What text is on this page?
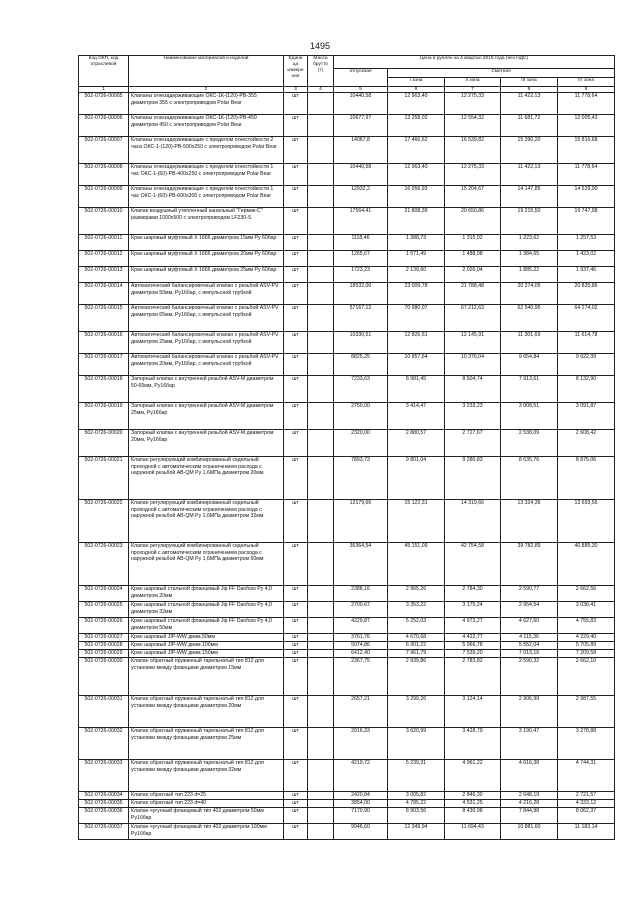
1495
Код ОКП, код отраслевой	Наименование материалов и изделий	Едини ца измере ния	Масса брутто (т)	Цена в рублях на 4 квартал 2015 года (без НДС)				
				отпускная	Сметная			
					I зона	II зона	III зона	IV зона
1	2	3	4	5	6	7	8	9
502-0726-00005	Клапаны огнезадерживающие ОКС-1К-(120)-РВ-355 диаметром 355 с электроприводом Polar Bear	шт		10440,58	12 963,40	12 275,33	11 422,13	11 778,64
502-0726-00006	Клапаны огнезадерживающие ОКС-1К-(120)-РВ-450 диаметром 450 с электроприводом Polar Bear	шт		10677,97	13 258,02	12 554,32	11 681,72	12 005,43
502-0726-00007	Клапаны огнезадерживающие с пределом огнестойкости 2 часа ОКС-1-(120)-РВ-590х250 с электроприводом Polar Bear	шт		14067,8	17 466,62	16 539,82	15 390,20	15 816,68
502-0726-00008	Клапаны огнезадерживающие с пределом огнестойкости 1 час ОКС-1-(60)-РВ-400х250 с электроприводом Polar Bear	шт		10440,58	12 963,40	12 275,33	11 422,13	11 778,64
502-0726-00009	Клапаны огнезадерживающие с пределом огнестойкости 1 час ОКС-1-(60)-РВ-600х300 с электроприводом Polar Bear	шт		12932,2	16 056,93	15 204,67	14 147,85	14 539,90
502-0726-00010	Клапан воздушный утепленный канальный "Гермик-С" размерами 1000х500 с электроприводом LF230-S	шт		17564,41	21 808,39	20 650,86	19 215,50	19 747,98
502-0726-00011	Кран шаровый муфтовый X 1666 диаметром 15мм Ру 60бар	шт		1118,46	1 388,73	1 315,02	1 223,62	1 257,53
502-0726-00012	Кран шаровый муфтовый X 1666 диаметром 20мм Ру 60бар	шт		1265,67	1 571,49	1 488,08	1 384,65	1 423,02
502-0726-00013	Кран шаровый муфтовый X 1666 диаметром 25мм Ру 60бар	шт		1723,23	2 139,60	2 026,04	1 885,22	1 937,46
502-0726-00014	Автоматический балансировочный клапан с резьбой ASV-PV диаметром 50мм, Ру16бар, с импульсной трубкой	шт		18532,00	23 009,78	21 788,48	20 274,05	20 835,86
502-0726-00015	Автоматический балансировочный клапан с резьбой ASV-PV диаметром 65мм, Ру16бар, с импульсной трубкой	шт		57167,12	70 980,07	67 212,63	62 540,95	64 274,02
502-0726-00016	Автоматический балансировочный клапан с резьбой ASV-PV диаметром 25мм, Ру16бар, с импульсной трубкой	шт		10330,51	12 826,61	12 145,91	11 301,69	11 614,78
502-0726-00017	Автоматический балансировочный клапан с резьбой ASV-PV диаметром 20мм, Ру16бар, с импульсной трубкой	шт		8825,25	10 957,64	10 376,04	9 654,84	9 922,39
502-0726-00018	Запорный клапан с внутренней резьбой ASV-M диаметром 50-65мм, Ру16бар	шт		7233,63	8 981,45	8 504,74	7 913,61	8 132,90
502-0726-00019	Запорный клапан с внутренней резьбой ASV-M диаметром 25мм, Ру16бар	шт		2750,00	3 414,47	3 233,23	3 008,51	3 091,87
502-0726-00020	Запорный клапан с внутренней резьбой ASV-M диаметром 20мм, Ру16бар	шт		2320,00	2 880,57	2 727,67	2 538,09	2 608,42
502-0726-00021	Клапан регулирующий комбинированный седельный проходной с автоматическим ограничением расхода с наружной резьбой AB-QM Ру 1,6МПа диаметром 20мм	шт		7893,73	9 801,04	9 280,83	8 635,76	8 875,06
502-0726-00022	Клапан регулирующий комбинированный седельный проходной с автоматическим ограничением расхода с наружной резьбой AB-QM Ру 1,6МПа диаметром 32мм	шт		12179,66	15 122,31	14 319,66	13 324,36	13 693,56
502-0726-00023	Клапан регулирующий комбинированный седельный проходной с автоматическим ограничением расхода с наружной резьбой AB-QM Ру 1,6МПа диаметром 50мм	шт		36364,54	45 151,09	42 754,58	39 782,89	40 885,30
502-0726-00024	Кран шаровый стальной фланцевый Jip FF Danfoss Ру 4,0 диаметром 20мм	шт		2388,16	2 965,26	2 784,30	2 590,77	2 662,56
502-0726-00025	Кран шаровый стальной фланцевый Jip FF Danfoss Ру 4,0 диаметром 32мм	шт		2700,67	3 353,22	3 175,24	2 954,54	3 036,41
502-0726-00026	Кран шаровый стальной фланцевый Jip FF Danfoss Ру 4,0 диаметром 50мм	шт		4229,87	5 252,03	4 973,27	4 627,60	4 755,83
502-0726-00027	Кран шаровый JIP-WW диам.50мм	шт		3761,76	4 670,68	4 422,77	4 115,36	4 229,40
502-0726-00028	Кран шаровый JIP-WW диам.100мм	шт		5074,86	6 301,22	5 966,78	5 552,04	5 705,89
502-0726-00029	Кран шаровый JIP-WW диам.150мм	шт		6412,40	7 961,79	7 539,20	7 013,16	7 209,58
502-0726-00030	Клапан обратный пружинный тарельчатый тип 812 для установки между фланцами диаметром 15мм	шт		2367,75	2 939,86	2 783,82	2 590,32	2 662,10
502-0726-00031	Клапан обратный пружинный тарельчатый тип 812 для установки между фланцами диаметром 20мм	шт		2657,21	3 299,26	3 124,14	2 906,99	2 987,55
502-0726-00032	Клапан обратный пружинный тарельчатый тип 812 для установки между фланцами диаметром 25мм	шт		2916,33	3 620,99	3 428,79	3 190,47	3 278,88
502-0726-00033	Клапан обратный пружинный тарельчатый тип 812 для установки между фланцами диаметром 32мм	шт		4219,72	5 239,31	4 961,22	4 616,38	4 744,31
502-0726-00034	Клапан обратный тип 223 d=25	шт		2420,84	3 005,82	2 846,30	2 648,19	2 721,57
502-0726-00035	Клапан обратный тип 223 d=40	шт		3854,00	4 785,22	4 531,25	4 216,28	4 333,12
502-0726-00036	Клапан чугунный фланцевый тип 402 диаметром 50мм Ру16бар	шт		7170,90	8 903,56	8 430,98	7 844,98	8 062,37
502-0726-00037	Клапан чугунный фланцевый тип 402 диаметром 100мм Ру16бар	шт		9946,60	12 349,94	11 694,43	10 881,60	11 183,14
